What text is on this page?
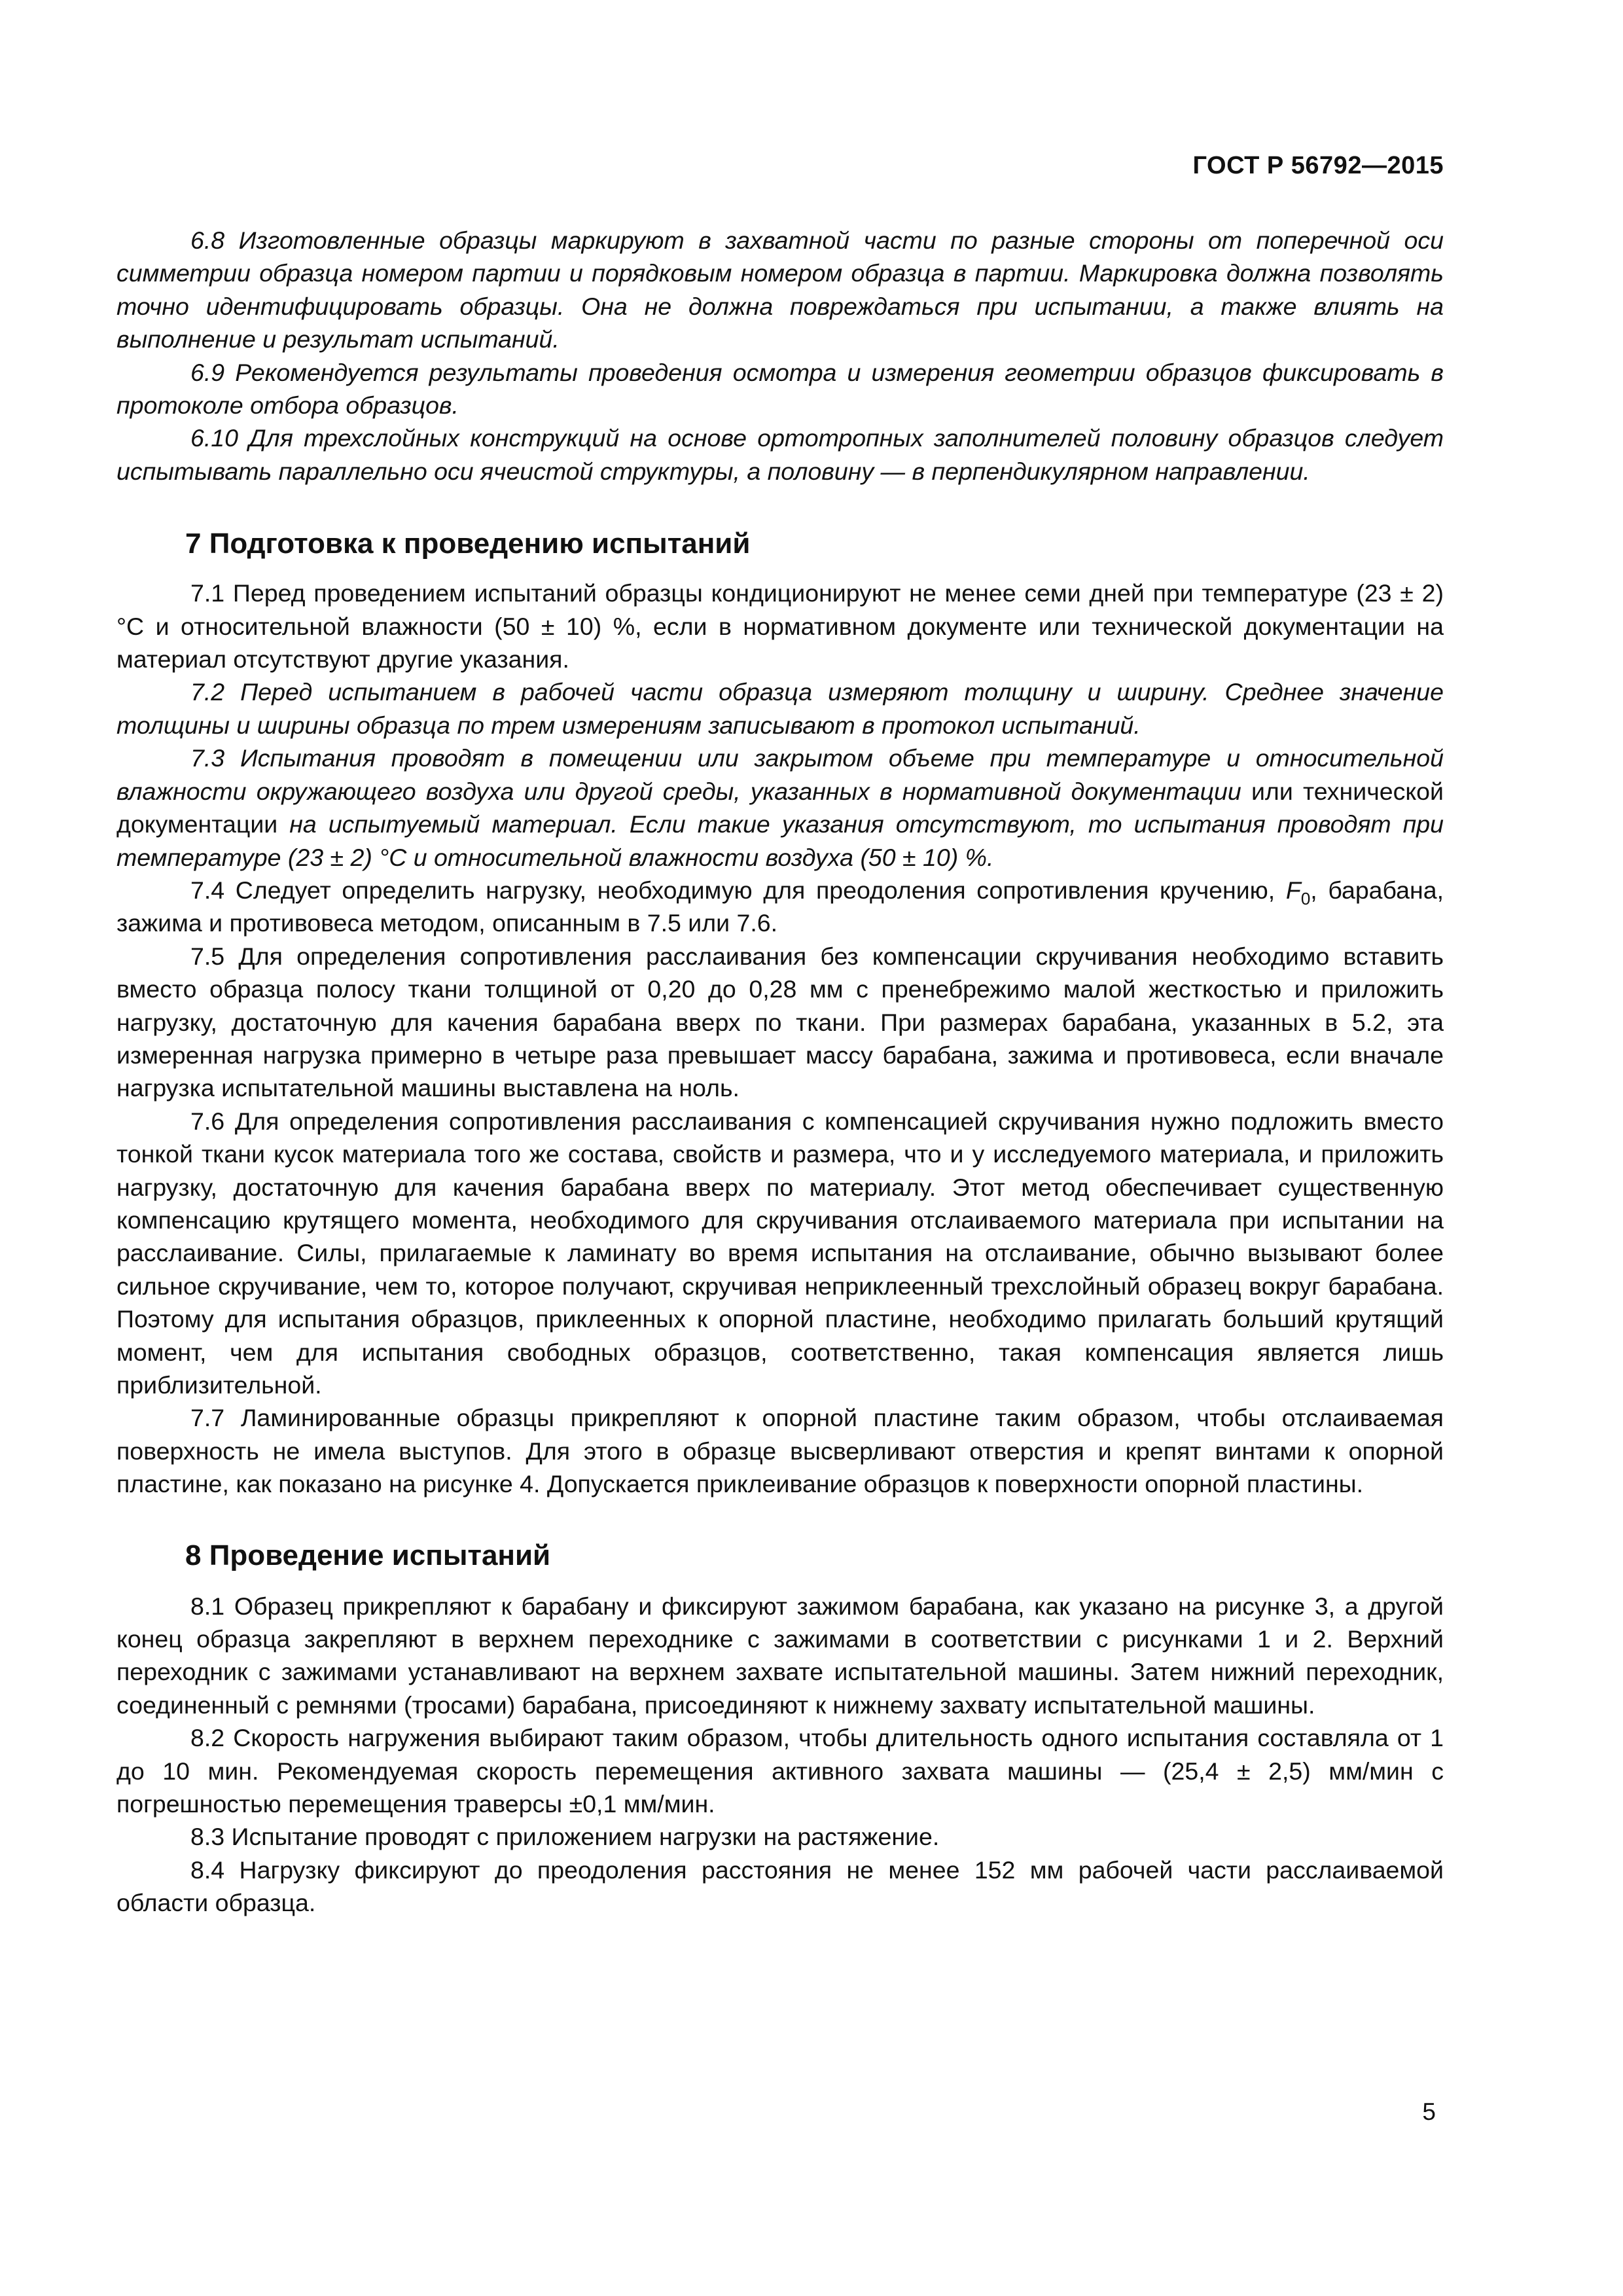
ГОСТ Р 56792—2015

6.8 Изготовленные образцы маркируют в захватной части по разные стороны от поперечной оси симметрии образца номером партии и порядковым номером образца в партии. Маркировка должна позволять точно идентифицировать образцы. Она не должна повреждаться при испытании, а также влиять на выполнение и результат испытаний.

6.9 Рекомендуется результаты проведения осмотра и измерения геометрии образцов фиксировать в протоколе отбора образцов.

6.10 Для трехслойных конструкций на основе ортотропных заполнителей половину образцов следует испытывать параллельно оси ячеистой структуры, а половину — в перпендикулярном направлении.

7 Подготовка к проведению испытаний

7.1 Перед проведением испытаний образцы кондиционируют не менее семи дней при температуре (23 ± 2) °С и относительной влажности (50 ± 10) %, если в нормативном документе или технической документации на материал отсутствуют другие указания.

7.2 Перед испытанием в рабочей части образца измеряют толщину и ширину. Среднее значение толщины и ширины образца по трем измерениям записывают в протокол испытаний.

7.3 Испытания проводят в помещении или закрытом объеме при температуре и относительной влажности окружающего воздуха или другой среды, указанных в нормативной документации или технической документации на испытуемый материал. Если такие указания отсутствуют, то испытания проводят при температуре (23 ± 2) °С и относительной влажности воздуха (50 ± 10) %.

7.4 Следует определить нагрузку, необходимую для преодоления сопротивления кручению, $F_0$, барабана, зажима и противовеса методом, описанным в 7.5 или 7.6.

7.5 Для определения сопротивления расслаивания без компенсации скручивания необходимо вставить вместо образца полосу ткани толщиной от 0,20 до 0,28 мм с пренебрежимо малой жесткостью и приложить нагрузку, достаточную для качения барабана вверх по ткани. При размерах барабана, указанных в 5.2, эта измеренная нагрузка примерно в четыре раза превышает массу барабана, зажима и противовеса, если вначале нагрузка испытательной машины выставлена на ноль.

7.6 Для определения сопротивления расслаивания с компенсацией скручивания нужно подложить вместо тонкой ткани кусок материала того же состава, свойств и размера, что и у исследуемого материала, и приложить нагрузку, достаточную для качения барабана вверх по материалу. Этот метод обеспечивает существенную компенсацию крутящего момента, необходимого для скручивания отслаиваемого материала при испытании на расслаивание. Силы, прилагаемые к ламинату во время испытания на отслаивание, обычно вызывают более сильное скручивание, чем то, которое получают, скручивая неприклеенный трехслойный образец вокруг барабана. Поэтому для испытания образцов, приклеенных к опорной пластине, необходимо прилагать больший крутящий момент, чем для испытания свободных образцов, соответственно, такая компенсация является лишь приблизительной.

7.7 Ламинированные образцы прикрепляют к опорной пластине таким образом, чтобы отслаиваемая поверхность не имела выступов. Для этого в образце высверливают отверстия и крепят винтами к опорной пластине, как показано на рисунке 4. Допускается приклеивание образцов к поверхности опорной пластины.

8 Проведение испытаний

8.1 Образец прикрепляют к барабану и фиксируют зажимом барабана, как указано на рисунке 3, а другой конец образца закрепляют в верхнем переходнике с зажимами в соответствии с рисунками 1 и 2. Верхний переходник с зажимами устанавливают на верхнем захвате испытательной машины. Затем нижний переходник, соединенный с ремнями (тросами) барабана, присоединяют к нижнему захвату испытательной машины.

8.2 Скорость нагружения выбирают таким образом, чтобы длительность одного испытания составляла от 1 до 10 мин. Рекомендуемая скорость перемещения активного захвата машины — (25,4 ± 2,5) мм/мин с погрешностью перемещения траверсы ±0,1 мм/мин.

8.3 Испытание проводят с приложением нагрузки на растяжение.

8.4 Нагрузку фиксируют до преодоления расстояния не менее 152 мм рабочей части расслаиваемой области образца.

5
